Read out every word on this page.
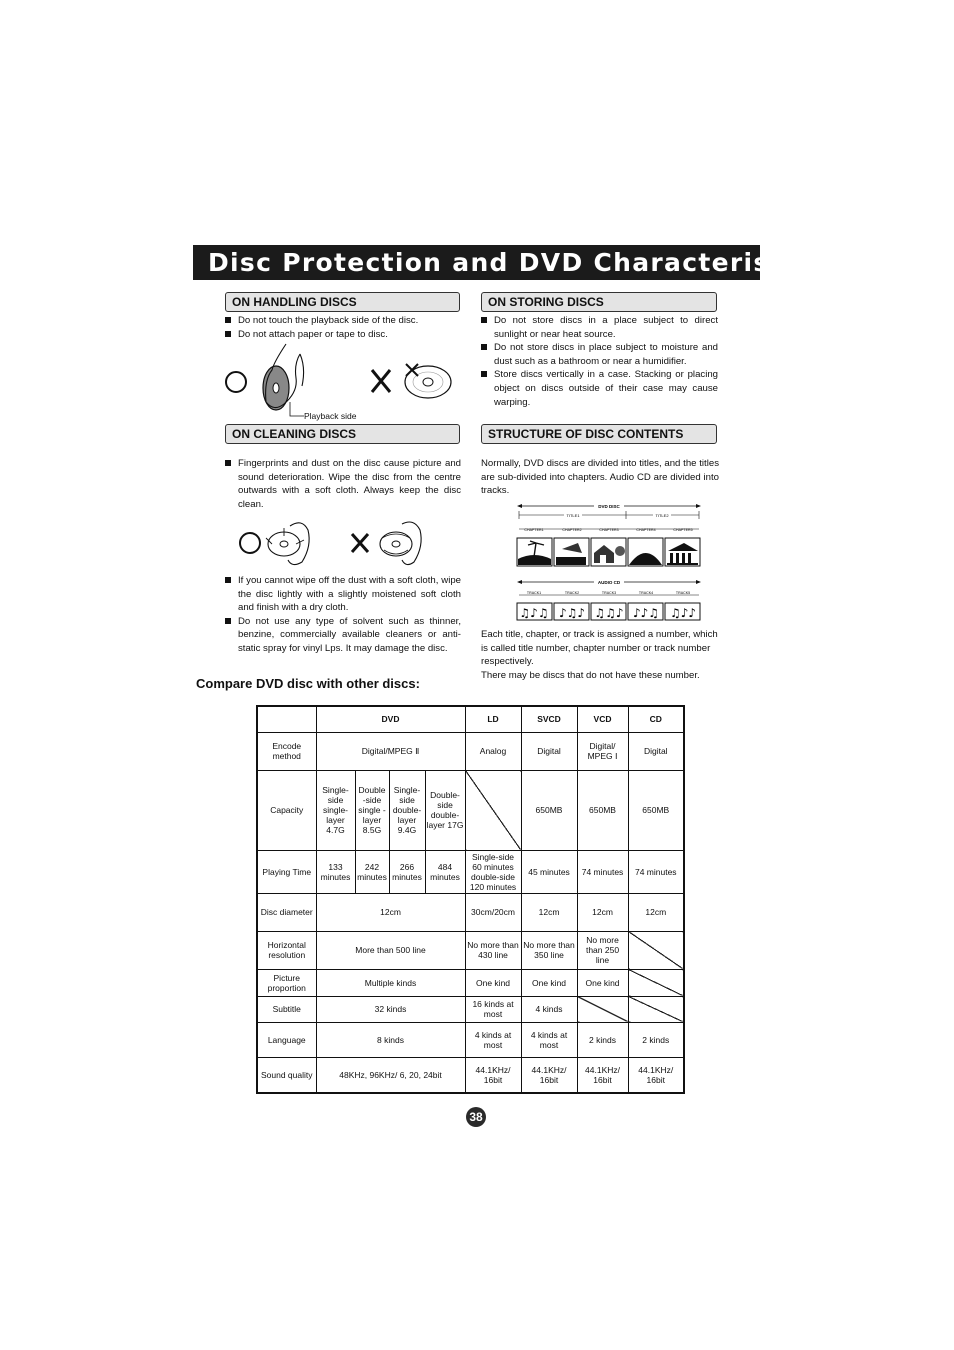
Disc Protection and DVD Characteristics
ON HANDLING DISCS

Do not touch the playback side of the disc.

Do not attach paper or tape to disc.

Playback side
ON STORING DISCS

Do not store discs in a place subject to direct sunlight or near heat source.

Do not store discs in place subject to moisture and dust such as a bathroom or near a humidifier.

Store discs vertically in a case. Stacking or placing object on discs outside of their case may cause warping.

ON CLEANING DISCS

Fingerprints and dust on the disc cause picture and sound deterioration. Wipe the disc from the centre outwards with a soft cloth. Always keep the disc clean.

If you cannot wipe off the dust with a soft cloth, wipe the disc lightly with a slightly moistened soft cloth and finish with a dry cloth.

Do not use any type of solvent such as thinner, benzine, commercially available cleaners or anti-static spray for vinyl Lps. It may damage the disc.

STRUCTURE OF DISC CONTENTS
Normally, DVD discs are divided into titles, and the titles are sub-divided into chapters. Audio CD are divided into tracks.
DVD DISC
TITLE1	TITLE2
CHAPTER1	CHAPTER2	CHAPTER3	CHAPTER4	CHAPTER5
AUDIO CD
TRACK1	TRACK2	TRACK3	TRACK4	TRACK5
♫♪♫ ♪♫♪ ♫♫♪ ♪♪♫ ♫♪♪
Each title, chapter, or track is assigned a number, which is called title number, chapter number or track number respectively.
There may be discs that do not have these number.
Compare DVD disc with other discs:
	DVD				LD	SVCD	VCD	CD
Encode method	Digital/MPEG Ⅱ				Analog	Digital	Digital/ MPEG Ⅰ	Digital
Capacity	Single-side single-layer 4.7G	Double -side single -layer 8.5G	Single-side double-layer 9.4G	Double-side double-layer 17G		650MB	650MB	650MB
Playing Time	133 minutes	242 minutes	266 minutes	484 minutes	Single-side 60 minutes double-side 120 minutes	45 minutes	74 minutes	74 minutes
Disc diameter	12cm				30cm/20cm	12cm	12cm	12cm
Horizontal resolution	More than 500 line				No more than 430 line	No more than 350 line	No more than 250 line	
Picture proportion	Multiple kinds				One kind	One kind	One kind	
Subtitle	32 kinds				16 kinds at most	4 kinds		
Language	8 kinds				4 kinds at most	4 kinds at most	2 kinds	2 kinds
Sound quality	48KHz, 96KHz/ 6, 20, 24bit				44.1KHz/ 16bit	44.1KHz/ 16bit	44.1KHz/ 16bit	44.1KHz/ 16bit
38
